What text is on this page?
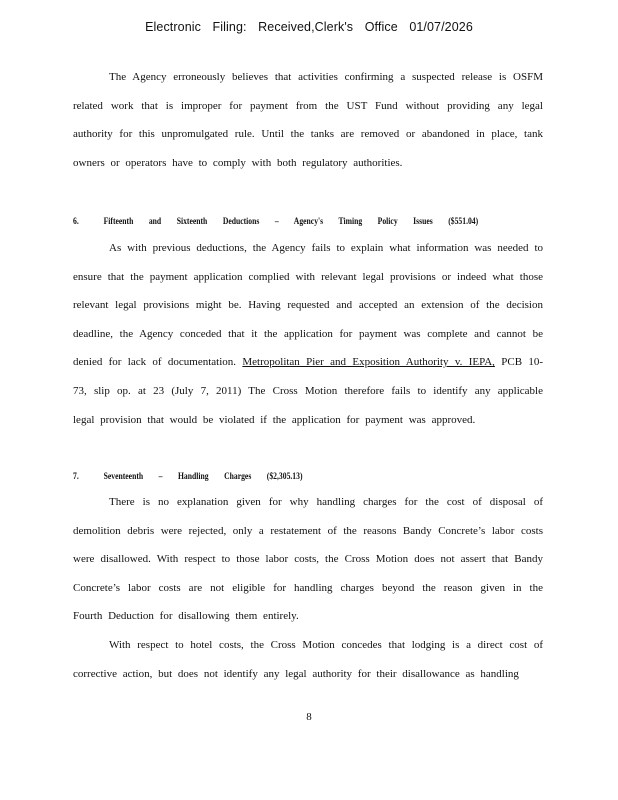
Electronic Filing: Received,Clerk's Office 01/07/2026

The Agency erroneously believes that activities confirming a suspected release is OSFM related work that is improper for payment from the UST Fund without providing any legal authority for this unpromulgated rule. Until the tanks are removed or abandoned in place, tank owners or operators have to comply with both regulatory authorities.

6.	Fifteenth and Sixteenth Deductions – Agency's Timing Policy Issues ($551.04)

As with previous deductions, the Agency fails to explain what information was needed to ensure that the payment application complied with relevant legal provisions or indeed what those relevant legal provisions might be. Having requested and accepted an extension of the decision deadline, the Agency conceded that it the application for payment was complete and cannot be denied for lack of documentation. Metropolitan Pier and Exposition Authority v. IEPA, PCB 10-73, slip op. at 23 (July 7, 2011) The Cross Motion therefore fails to identify any applicable legal provision that would be violated if the application for payment was approved.

7.	Seventeenth – Handling Charges ($2,305.13)

There is no explanation given for why handling charges for the cost of disposal of demolition debris were rejected, only a restatement of the reasons Bandy Concrete’s labor costs were disallowed. With respect to those labor costs, the Cross Motion does not assert that Bandy Concrete’s labor costs are not eligible for handling charges beyond the reason given in the Fourth Deduction for disallowing them entirely.

With respect to hotel costs, the Cross Motion concedes that lodging is a direct cost of corrective action, but does not identify any legal authority for their disallowance as handling

8
